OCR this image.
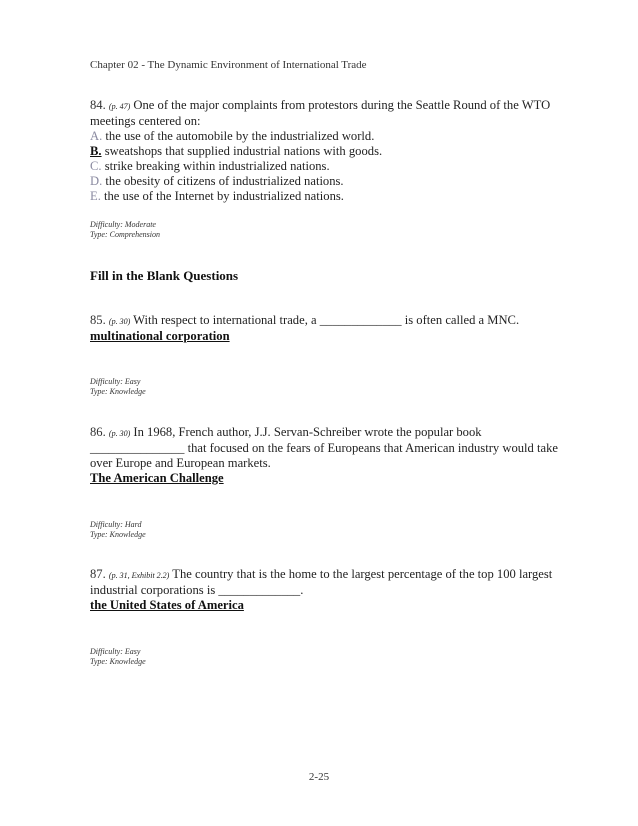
Chapter 02 - The Dynamic Environment of International Trade
84. (p. 47) One of the major complaints from protestors during the Seattle Round of the WTO
meetings centered on:
A. the use of the automobile by the industrialized world.
B. sweatshops that supplied industrial nations with goods.
C. strike breaking within industrialized nations.
D. the obesity of citizens of industrialized nations.
E. the use of the Internet by industrialized nations.
Difficulty: Moderate
Type: Comprehension
Fill in the Blank Questions
85. (p. 30) With respect to international trade, a _____________ is often called a MNC.
multinational corporation
Difficulty: Easy
Type: Knowledge
86. (p. 30) In 1968, French author, J.J. Servan-Schreiber wrote the popular book
_______________ that focused on the fears of Europeans that American industry would take
over Europe and European markets.
The American Challenge
Difficulty: Hard
Type: Knowledge
87. (p. 31, Exhibit 2.2) The country that is the home to the largest percentage of the top 100 largest
industrial corporations is _____________.
the United States of America
Difficulty: Easy
Type: Knowledge
2-25
